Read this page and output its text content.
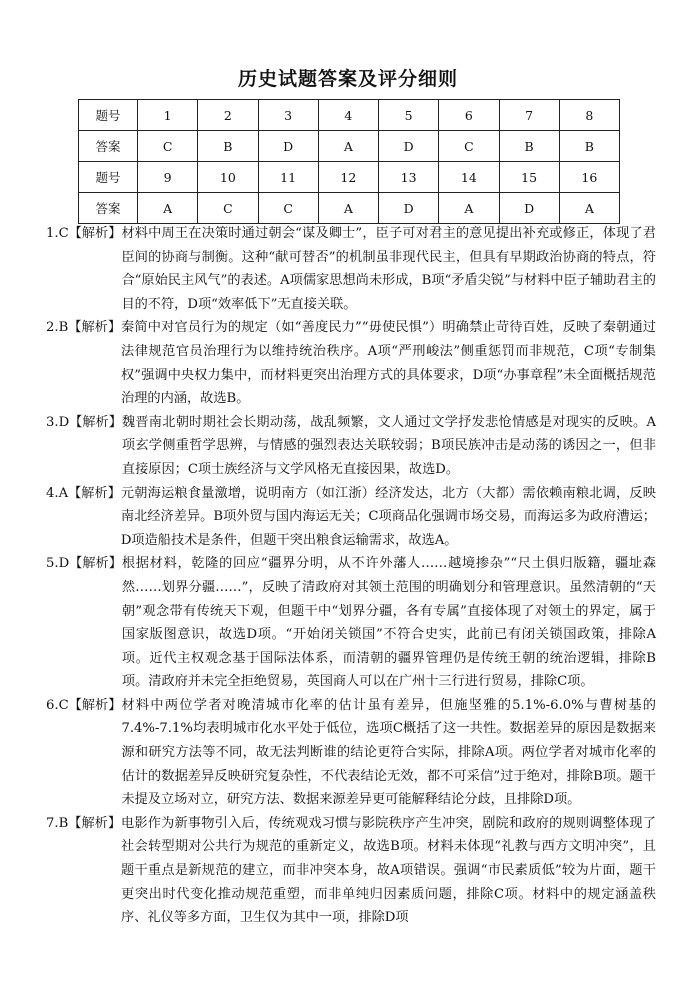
历史试题答案及评分细则
题号	1	2	3	4	5	6	7	8
答案	C	B	D	A	D	C	B	B
题号	9	10	11	12	13	14	15	16
答案	A	C	C	A	D	A	D	A
1.C【解析】 材料中周王在决策时通过朝会“谋及卿士”，臣子可对君主的意见提出补充或修正，体现了君臣间的协商与制衡。这种“献可替否”的机制虽非现代民主，但具有早期政治协商的特点，符合“原始民主风气”的表述。A项儒家思想尚未形成，B项“矛盾尖锐”与材料中臣子辅助君主的目的不符，D项“效率低下”无直接关联。
2.B【解析】 秦简中对官员行为的规定（如“善度民力”“毋使民惧”）明确禁止苛待百姓，反映了秦朝通过法律规范官员治理行为以维持统治秩序。A项“严刑峻法”侧重惩罚而非规范，C项“专制集权”强调中央权力集中，而材料更突出治理方式的具体要求，D项“办事章程”未全面概括规范治理的内涵，故选B。
3.D【解析】 魏晋南北朝时期社会长期动荡，战乱频繁，文人通过文学抒发悲怆情感是对现实的反映。A项玄学侧重哲学思辨，与情感的强烈表达关联较弱；B项民族冲击是动荡的诱因之一，但非直接原因；C项士族经济与文学风格无直接因果，故选D。
4.A【解析】 元朝海运粮食量激增，说明南方（如江浙）经济发达，北方（大都）需依赖南粮北调，反映南北经济差异。B项外贸与国内海运无关；C项商品化强调市场交易，而海运多为政府漕运；D项造船技术是条件，但题干突出粮食运输需求，故选A。
5.D【解析】 根据材料，乾隆的回应“疆界分明，从不许外藩人……越境掺杂”“尺土俱归版籍，疆址森然……划界分疆……”，反映了清政府对其领土范围的明确划分和管理意识。虽然清朝的“天朝”观念带有传统天下观，但题干中“划界分疆，各有专属”直接体现了对领土的界定，属于国家版图意识，故选D项。“开始闭关锁国”不符合史实，此前已有闭关锁国政策，排除A项。近代主权观念基于国际法体系，而清朝的疆界管理仍是传统王朝的统治逻辑，排除B项。清政府并未完全拒绝贸易，英国商人可以在广州十三行进行贸易，排除C项。
6.C【解析】 材料中两位学者对晚清城市化率的估计虽有差异，但施坚雅的5.1%-6.0%与曹树基的7.4%-7.1%均表明城市化水平处于低位，选项C概括了这一共性。数据差异的原因是数据来源和研究方法等不同，故无法判断谁的结论更符合实际，排除A项。两位学者对城市化率的估计的数据差异反映研究复杂性，不代表结论无效，都不可采信”过于绝对，排除B项。题干未提及立场对立，研究方法、数据来源差异更可能解释结论分歧，且排除D项。
7.B【解析】 电影作为新事物引入后，传统观戏习惯与影院秩序产生冲突，剧院和政府的规则调整体现了社会转型期对公共行为规范的重新定义，故选B项。材料未体现“礼教与西方文明冲突”，且题干重点是新规范的建立，而非冲突本身，故A项错误。强调“市民素质低”较为片面，题干更突出时代变化推动规范重塑，而非单纯归因素质问题，排除C项。材料中的规定涵盖秩序、礼仪等多方面，卫生仅为其中一项，排除D项
